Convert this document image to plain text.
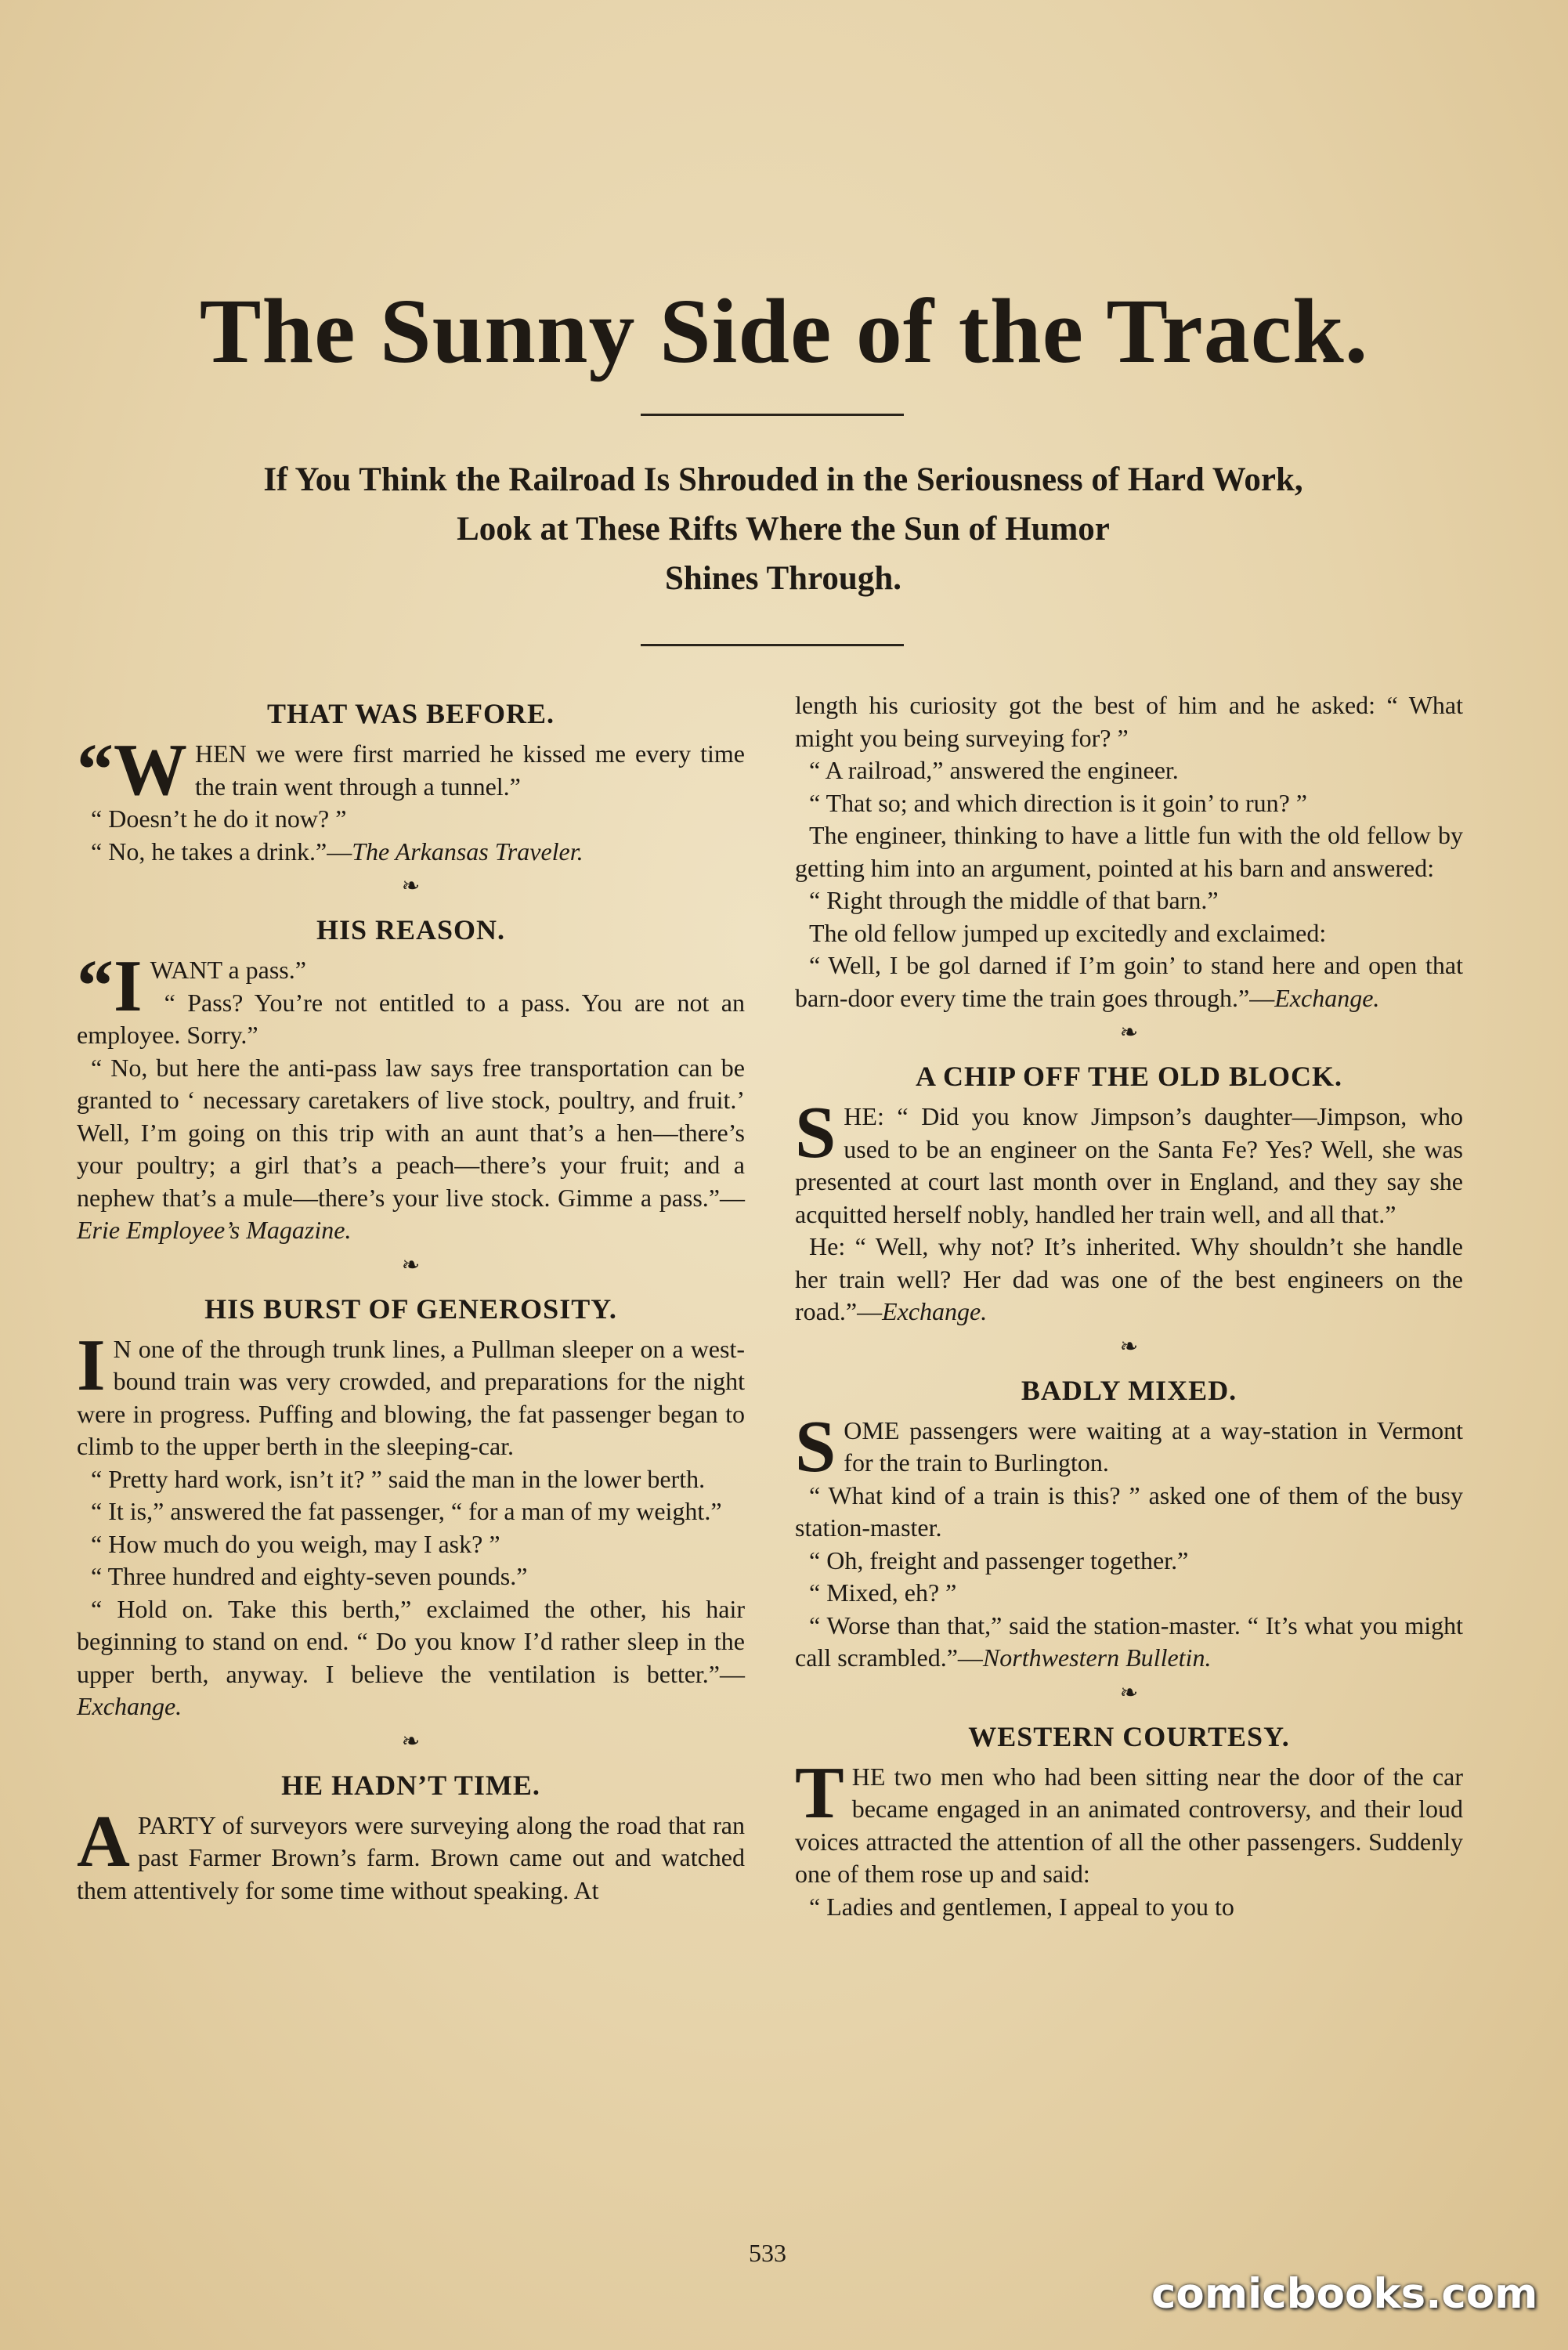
The Sunny Side of the Track.
If You Think the Railroad Is Shrouded in the Seriousness of Hard Work,
Look at These Rifts Where the Sun of Humor
Shines Through.
THAT WAS BEFORE.

“WHEN we were first married he kissed me every time the train went through a tunnel.”

“ Doesn’t he do it now? ”

“ No, he takes a drink.”—The Arkansas Traveler.

❧
HIS REASON.

“IWANT a pass.”

“ Pass? You’re not entitled to a pass. You are not an employee. Sorry.”

“ No, but here the anti-pass law says free transportation can be granted to ‘ necessary caretakers of live stock, poultry, and fruit.’ Well, I’m going on this trip with an aunt that’s a hen—there’s your poultry; a girl that’s a peach—there’s your fruit; and a nephew that’s a mule—there’s your live stock. Gimme a pass.”—Erie Employee’s Magazine.

❧
HIS BURST OF GENEROSITY.

IN one of the through trunk lines, a Pullman sleeper on a west-bound train was very crowded, and preparations for the night were in progress. Puffing and blowing, the fat passenger began to climb to the upper berth in the sleeping-car.

“ Pretty hard work, isn’t it? ” said the man in the lower berth.

“ It is,” answered the fat passenger, “ for a man of my weight.”

“ How much do you weigh, may I ask? ”

“ Three hundred and eighty-seven pounds.”

“ Hold on. Take this berth,” exclaimed the other, his hair beginning to stand on end. “ Do you know I’d rather sleep in the upper berth, anyway. I believe the ventilation is better.”—Exchange.

❧
HE HADN’T TIME.

APARTY of surveyors were surveying along the road that ran past Farmer Brown’s farm. Brown came out and watched them attentively for some time without speaking. At

length his curiosity got the best of him and he asked: “ What might you being surveying for? ”

“ A railroad,” answered the engineer.

“ That so; and which direction is it goin’ to run? ”

The engineer, thinking to have a little fun with the old fellow by getting him into an argument, pointed at his barn and answered:

“ Right through the middle of that barn.”

The old fellow jumped up excitedly and exclaimed:

“ Well, I be gol darned if I’m goin’ to stand here and open that barn-door every time the train goes through.”—Exchange.

❧
A CHIP OFF THE OLD BLOCK.

SHE: “ Did you know Jimpson’s daughter—Jimpson, who used to be an engineer on the Santa Fe? Yes? Well, she was presented at court last month over in England, and they say she acquitted herself nobly, handled her train well, and all that.”

He: “ Well, why not? It’s inherited. Why shouldn’t she handle her train well? Her dad was one of the best engineers on the road.”—Exchange.

❧
BADLY MIXED.

SOME passengers were waiting at a way-station in Vermont for the train to Burlington.

“ What kind of a train is this? ” asked one of them of the busy station-master.

“ Oh, freight and passenger together.”

“ Mixed, eh? ”

“ Worse than that,” said the station-master. “ It’s what you might call scrambled.”—Northwestern Bulletin.

❧
WESTERN COURTESY.

THE two men who had been sitting near the door of the car became engaged in an animated controversy, and their loud voices attracted the attention of all the other passengers. Suddenly one of them rose up and said:

“ Ladies and gentlemen, I appeal to you to

533
comicbooks.com
